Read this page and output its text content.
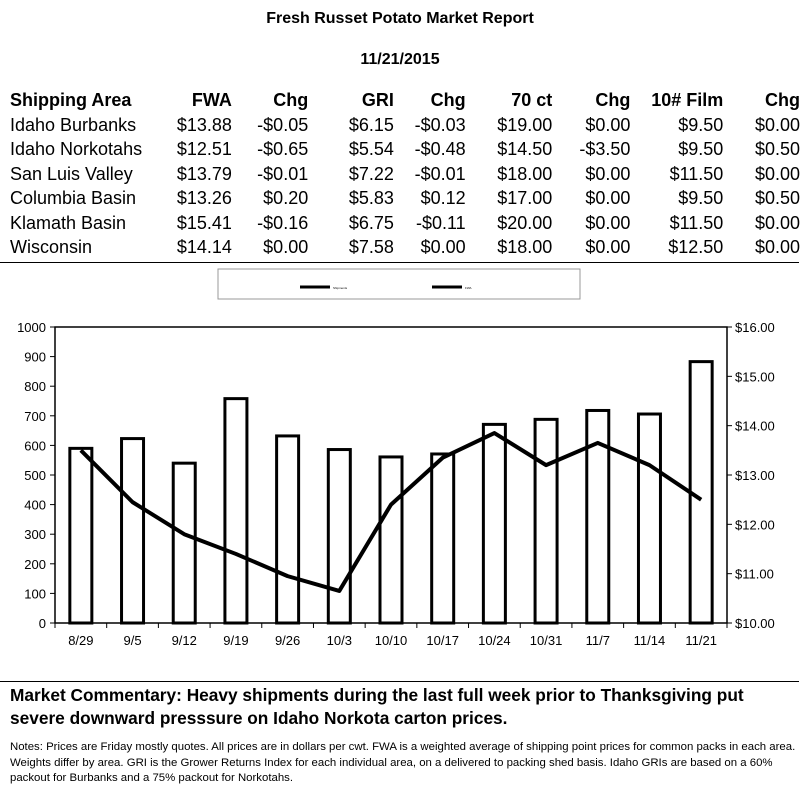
Fresh Russet Potato Market Report
11/21/2015
Shipping Area	FWA	Chg	GRI	Chg	70 ct	Chg	10# Film	Chg
Idaho Burbanks	$13.88	-$0.05	$6.15	-$0.03	$19.00	$0.00	$9.50	$0.00
Idaho Norkotahs	$12.51	-$0.65	$5.54	-$0.48	$14.50	-$3.50	$9.50	$0.50
San Luis Valley	$13.79	-$0.01	$7.22	-$0.01	$18.00	$0.00	$11.50	$0.00
Columbia Basin	$13.26	$0.20	$5.83	$0.12	$17.00	$0.00	$9.50	$0.50
Klamath Basin	$15.41	-$0.16	$6.75	-$0.11	$20.00	$0.00	$11.50	$0.00
Wisconsin	$14.14	$0.00	$7.58	$0.00	$18.00	$0.00	$12.50	$0.00
Shipments	FWA
0
100
200
300
400
500
600
700
800
900
1000
$10.00
$11.00
$12.00
$13.00
$14.00
$15.00
$16.00
8/29 9/5 9/12 9/19 9/26 10/3 10/10 10/17 10/24 10/31 11/7 11/14 11/21
Market Commentary: Heavy shipments during the last full week prior to Thanksgiving put severe downward presssure on Idaho Norkota carton prices.
Notes: Prices are Friday mostly quotes. All prices are in dollars per cwt. FWA is a weighted average of shipping point prices for common packs in each area. Weights differ by area. GRI is the Grower Returns Index for each individual area, on a delivered to packing shed basis. Idaho GRIs are based on a 60% packout for Burbanks and a 75% packout for Norkotahs.
